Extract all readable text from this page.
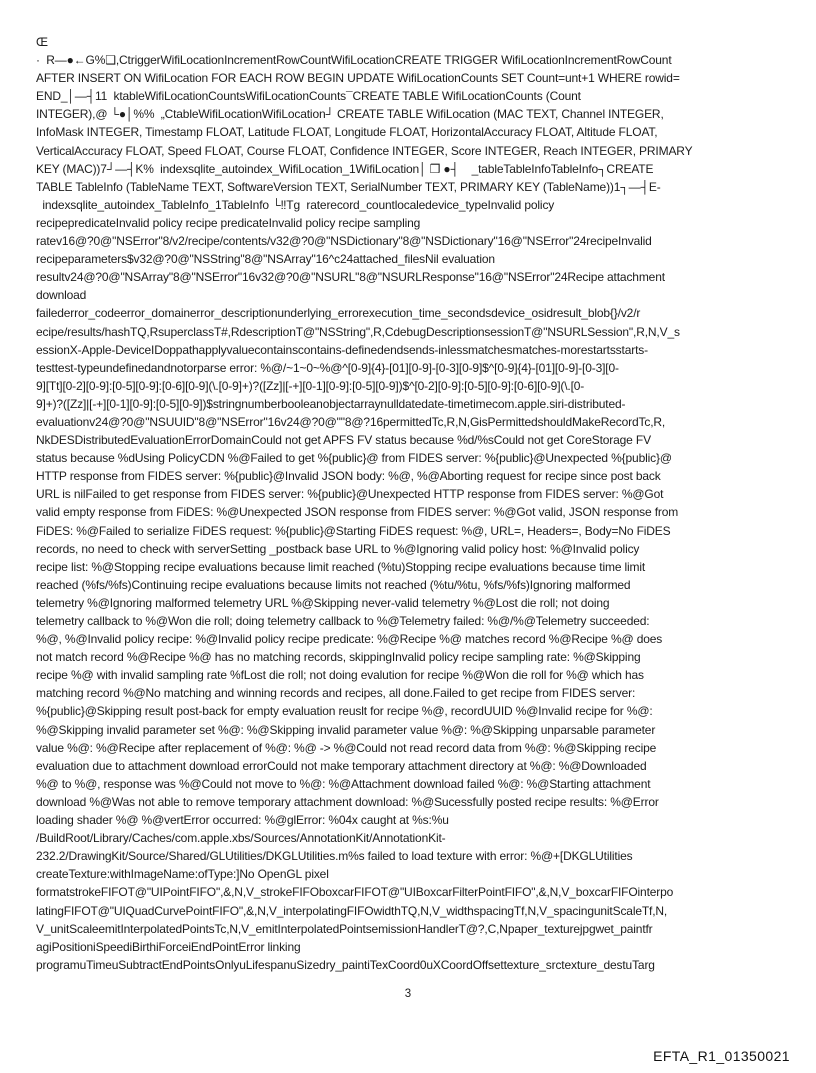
Œ
·  R—●←G%❑,CtriggerWifiLocationIncrementRowCountWifiLocationCREATE TRIGGER WifiLocationIncrementRowCount
AFTER INSERT ON WifiLocation FOR EACH ROW BEGIN UPDATE WifiLocationCounts SET Count=unt+1 WHERE rowid=
END_│—┤11  ktableWifiLocationCountsWifiLocationCounts¯CREATE TABLE WifiLocationCounts (Count
INTEGER),@ └●│%%  „CtableWifiLocationWifiLocation┘ CREATE TABLE WifiLocation (MAC TEXT, Channel INTEGER,
InfoMask INTEGER, Timestamp FLOAT, Latitude FLOAT, Longitude FLOAT, HorizontalAccuracy FLOAT, Altitude FLOAT,
VerticalAccuracy FLOAT, Speed FLOAT, Course FLOAT, Confidence INTEGER, Score INTEGER, Reach INTEGER, PRIMARY
KEY (MAC))7┘—┤K%  indexsqlite_autoindex_WifiLocation_1WifiLocation│ ❒ ●┤    _tableTableInfoTableInfo┐CREATE
TABLE TableInfo (TableName TEXT, SoftwareVersion TEXT, SerialNumber TEXT, PRIMARY KEY (TableName))1┐—┤E-
indexsqlite_autoindex_TableInfo_1TableInfo └‼Tg  raterecord_countlocaledevice_typeInvalid policy
recipepredicateInvalid policy recipe predicateInvalid policy recipe sampling
ratev16@?0@"NSError"8/v2/recipe/contents/v32@?0@"NSDictionary"8@"NSDictionary"16@"NSError"24recipeInvalid
recipeparameters$v32@?0@"NSString"8@"NSArray"16^c24attached_filesNil evaluation
resultv24@?0@"NSArray"8@"NSError"16v32@?0@"NSURL"8@"NSURLResponse"16@"NSError"24Recipe attachment
download
failederror_codeerror_domainerror_descriptionunderlying_errorexecution_time_secondsdevice_osidresult_blob{}/v2/r
ecipe/results/hashTQ,RsuperclassT#,RdescriptionT@"NSString",R,CdebugDescriptionsessionT@"NSURLSession",R,N,V_s
essionX-Apple-DeviceIDoppathapplyvaluecontainscontains-definedendsends-inlessmatchesmatches-morestartsstarts-
testtest-typeundefinedandnotorparse error: %@/~1~0~%@^[0-9]{4}-[01][0-9]-[0-3][0-9]$^[0-9]{4}-[01][0-9]-[0-3][0-
9][Tt][0-2][0-9]:[0-5][0-9]:[0-6][0-9](\.[0-9]+)?([Zz]|[-+][0-1][0-9]:[0-5][0-9])$^[0-2][0-9]:[0-5][0-9]:[0-6][0-9](\.[0-
9]+)?([Zz]|[-+][0-1][0-9]:[0-5][0-9])$stringnumberbooleanobjectarraynulldatedate-timetimecom.apple.siri-distributed-
evaluationv24@?0@"NSUUID"8@"NSError"16v24@?0@""8@?16permittedTc,R,N,GisPermittedshouldMakeRecordTc,R,
NkDESDistributedEvaluationErrorDomainCould not get APFS FV status because %d/%sCould not get CoreStorage FV
status because %dUsing PolicyCDN %@Failed to get %{public}@ from FIDES server: %{public}@Unexpected %{public}@
HTTP response from FIDES server: %{public}@Invalid JSON body: %@, %@Aborting request for recipe since post back
URL is nilFailed to get response from FIDES server: %{public}@Unexpected HTTP response from FIDES server: %@Got
valid empty response from FiDES: %@Unexpected JSON response from FIDES server: %@Got valid, JSON response from
FiDES: %@Failed to serialize FiDES request: %{public}@Starting FiDES request: %@, URL=, Headers=, Body=No FiDES
records, no need to check with serverSetting _postback base URL to %@Ignoring valid policy host: %@Invalid policy
recipe list: %@Stopping recipe evaluations because limit reached (%tu)Stopping recipe evaluations because time limit
reached (%fs/%fs)Continuing recipe evaluations because limits not reached (%tu/%tu, %fs/%fs)Ignoring malformed
telemetry %@Ignoring malformed telemetry URL %@Skipping never-valid telemetry %@Lost die roll; not doing
telemetry callback to %@Won die roll; doing telemetry callback to %@Telemetry failed: %@/%@Telemetry succeeded:
%@, %@Invalid policy recipe: %@Invalid policy recipe predicate: %@Recipe %@ matches record %@Recipe %@ does
not match record %@Recipe %@ has no matching records, skippingInvalid policy recipe sampling rate: %@Skipping
recipe %@ with invalid sampling rate %fLost die roll; not doing evalution for recipe %@Won die roll for %@ which has
matching record %@No matching and winning records and recipes, all done.Failed to get recipe from FIDES server:
%{public}@Skipping result post-back for empty evaluation reuslt for recipe %@, recordUUID %@Invalid recipe for %@:
%@Skipping invalid parameter set %@: %@Skipping invalid parameter value %@: %@Skipping unparsable parameter
value %@: %@Recipe after replacement of %@: %@ -> %@Could not read record data from %@: %@Skipping recipe
evaluation due to attachment download errorCould not make temporary attachment directory at %@: %@Downloaded
%@ to %@, response was %@Could not move to %@: %@Attachment download failed %@: %@Starting attachment
download %@Was not able to remove temporary attachment download: %@Sucessfully posted recipe results: %@Error
loading shader %@ %@vertError occurred: %@glError: %04x caught at %s:%u
/BuildRoot/Library/Caches/com.apple.xbs/Sources/AnnotationKit/AnnotationKit-
232.2/DrawingKit/Source/Shared/GLUtilities/DKGLUtilities.m%s failed to load texture with error: %@+[DKGLUtilities
createTexture:withImageName:ofType:]No OpenGL pixel
formatstrokeFIFOT@"UIPointFIFO",&,N,V_strokeFIFOboxcarFIFOT@"UIBoxcarFilterPointFIFO",&,N,V_boxcarFIFOinterpo
latingFIFOT@"UIQuadCurvePointFIFO",&,N,V_interpolatingFIFOwidthTQ,N,V_widthspacingTf,N,V_spacingunitScaleTf,N,
V_unitScaleemitInterpolatedPointsTc,N,V_emitInterpolatedPointsemissionHandlerT@?,C,Npaper_texturejpgwet_paintfr
agiPositioniSpeediBirthiForceiEndPointError linking
programuTimeuSubtractEndPointsOnlyuLifespanuSizedry_paintiTexCoord0uXCoordOffsettexture_srctexture_destuTarg
3
EFTA_R1_01350021
